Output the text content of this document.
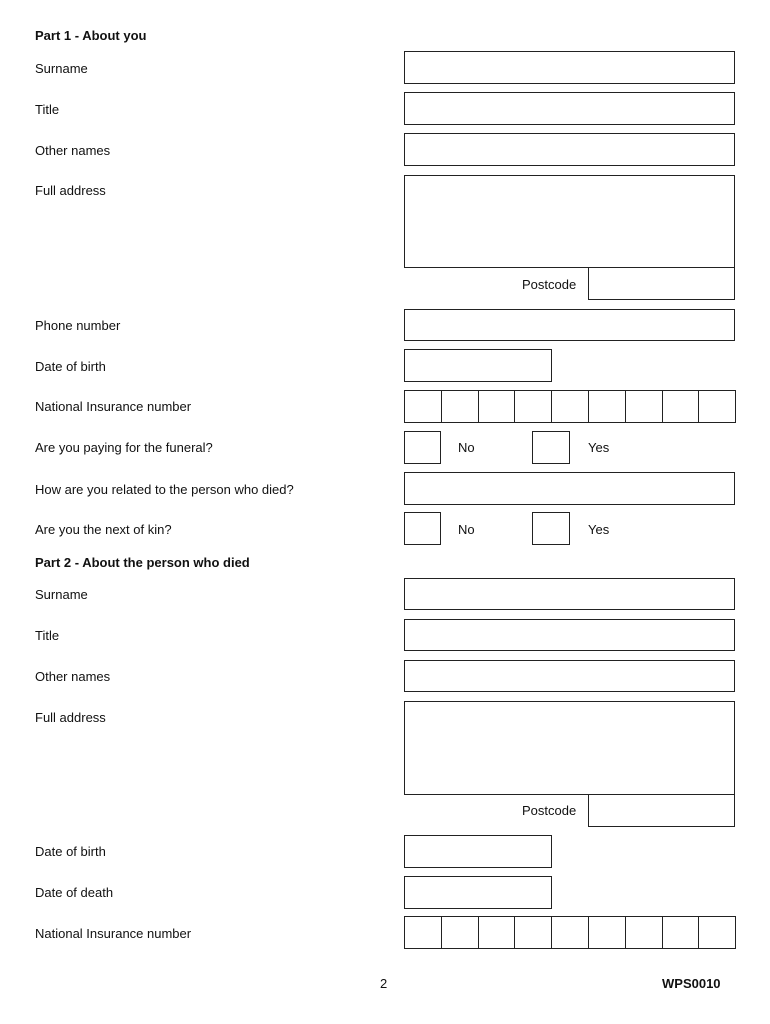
Part 1 - About you
Surname
Title
Other names
Full address
Postcode
Phone number
Date of birth
National Insurance number
Are you paying for the funeral?	No	Yes
How are you related to the person who died?
Are you the next of kin?	No	Yes
Part 2 - About the person who died
Surname
Title
Other names
Full address
Postcode
Date of birth
Date of death
National Insurance number
2	WPS0010
